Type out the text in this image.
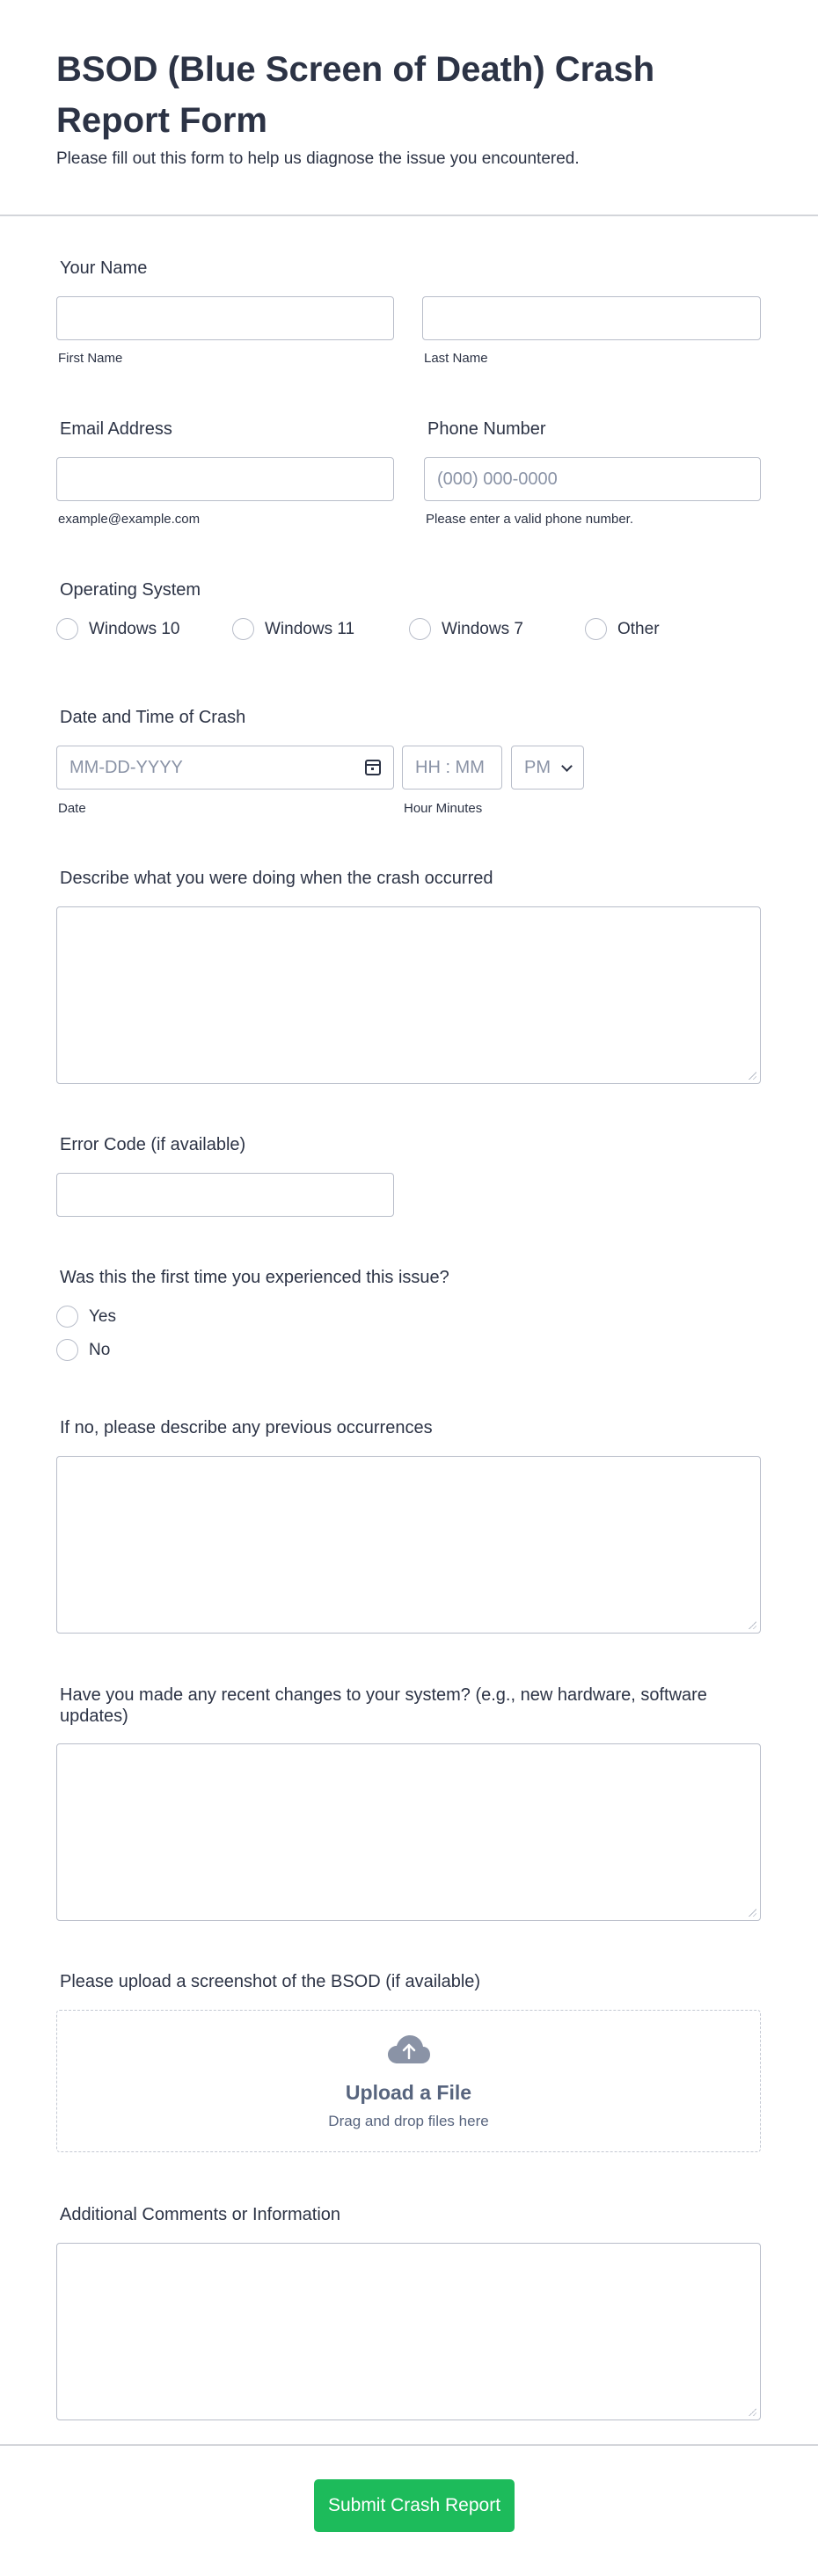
BSOD (Blue Screen of Death) Crash Report Form
Please fill out this form to help us diagnose the issue you encountered.
Your Name
First Name	Last Name
Email Address
example@example.com
Phone Number
(000) 000-0000
Please enter a valid phone number.
Operating System
Windows 10	Windows 11	Windows 7	Other
Date and Time of Crash
MM-DD-YYYY	HH : MM	PM
Date	Hour Minutes
Describe what you were doing when the crash occurred
Error Code (if available)
Was this the first time you experienced this issue?
Yes
No
If no, please describe any previous occurrences
Have you made any recent changes to your system? (e.g., new hardware, software updates)
Please upload a screenshot of the BSOD (if available)
Upload a File
Drag and drop files here
Additional Comments or Information
Submit Crash Report
